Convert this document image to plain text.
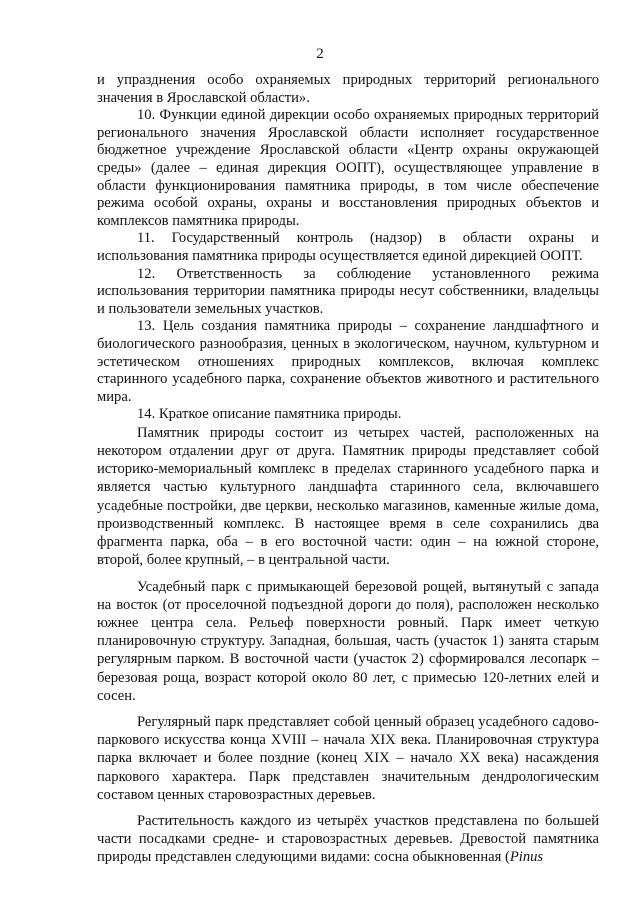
2

и упразднения особо охраняемых природных территорий регионального значения в Ярославской области».

10. Функции единой дирекции особо охраняемых природных территорий регионального значения Ярославской области исполняет государственное бюджетное учреждение Ярославской области «Центр охраны окружающей среды» (далее – единая дирекция ООПТ), осуществляющее управление в области функционирования памятника природы, в том числе обеспечение режима особой охраны, охраны и восстановления природных объектов и комплексов памятника природы.

11. Государственный контроль (надзор) в области охраны и использования памятника природы осуществляется единой дирекцией ООПТ.

12. Ответственность за соблюдение установленного режима использования территории памятника природы несут собственники, владельцы и пользователи земельных участков.

13. Цель создания памятника природы – сохранение ландшафтного и биологического разнообразия, ценных в экологическом, научном, культурном и эстетическом отношениях природных комплексов, включая комплекс старинного усадебного парка, сохранение объектов животного и растительного мира.

14. Краткое описание памятника природы.

Памятник природы состоит из четырех частей, расположенных на некотором отдалении друг от друга. Памятник природы представляет собой историко-мемориальный комплекс в пределах старинного усадебного парка и является частью культурного ландшафта старинного села, включавшего усадебные постройки, две церкви, несколько магазинов, каменные жилые дома, производственный комплекс. В настоящее время в селе сохранились два фрагмента парка, оба – в его восточной части: один – на южной стороне, второй, более крупный, – в центральной части.

Усадебный парк с примыкающей березовой рощей, вытянутый с запада на восток (от проселочной подъездной дороги до поля), расположен несколько южнее центра села. Рельеф поверхности ровный. Парк имеет четкую планировочную структуру. Западная, большая, часть (участок 1) занята старым регулярным парком. В восточной части (участок 2) сформировался лесопарк – березовая роща, возраст которой около 80 лет, с примесью 120-летних елей и сосен.

Регулярный парк представляет собой ценный образец усадебного садово-паркового искусства конца XVIII – начала XIX века. Планировочная структура парка включает и более поздние (конец XIX – начало XX века) насаждения паркового характера. Парк представлен значительным дендрологическим составом ценных старовозрастных деревьев.

Растительность каждого из четырёх участков представлена по большей части посадками средне- и старовозрастных деревьев. Древостой памятника природы представлен следующими видами: сосна обыкновенная (Pinus
